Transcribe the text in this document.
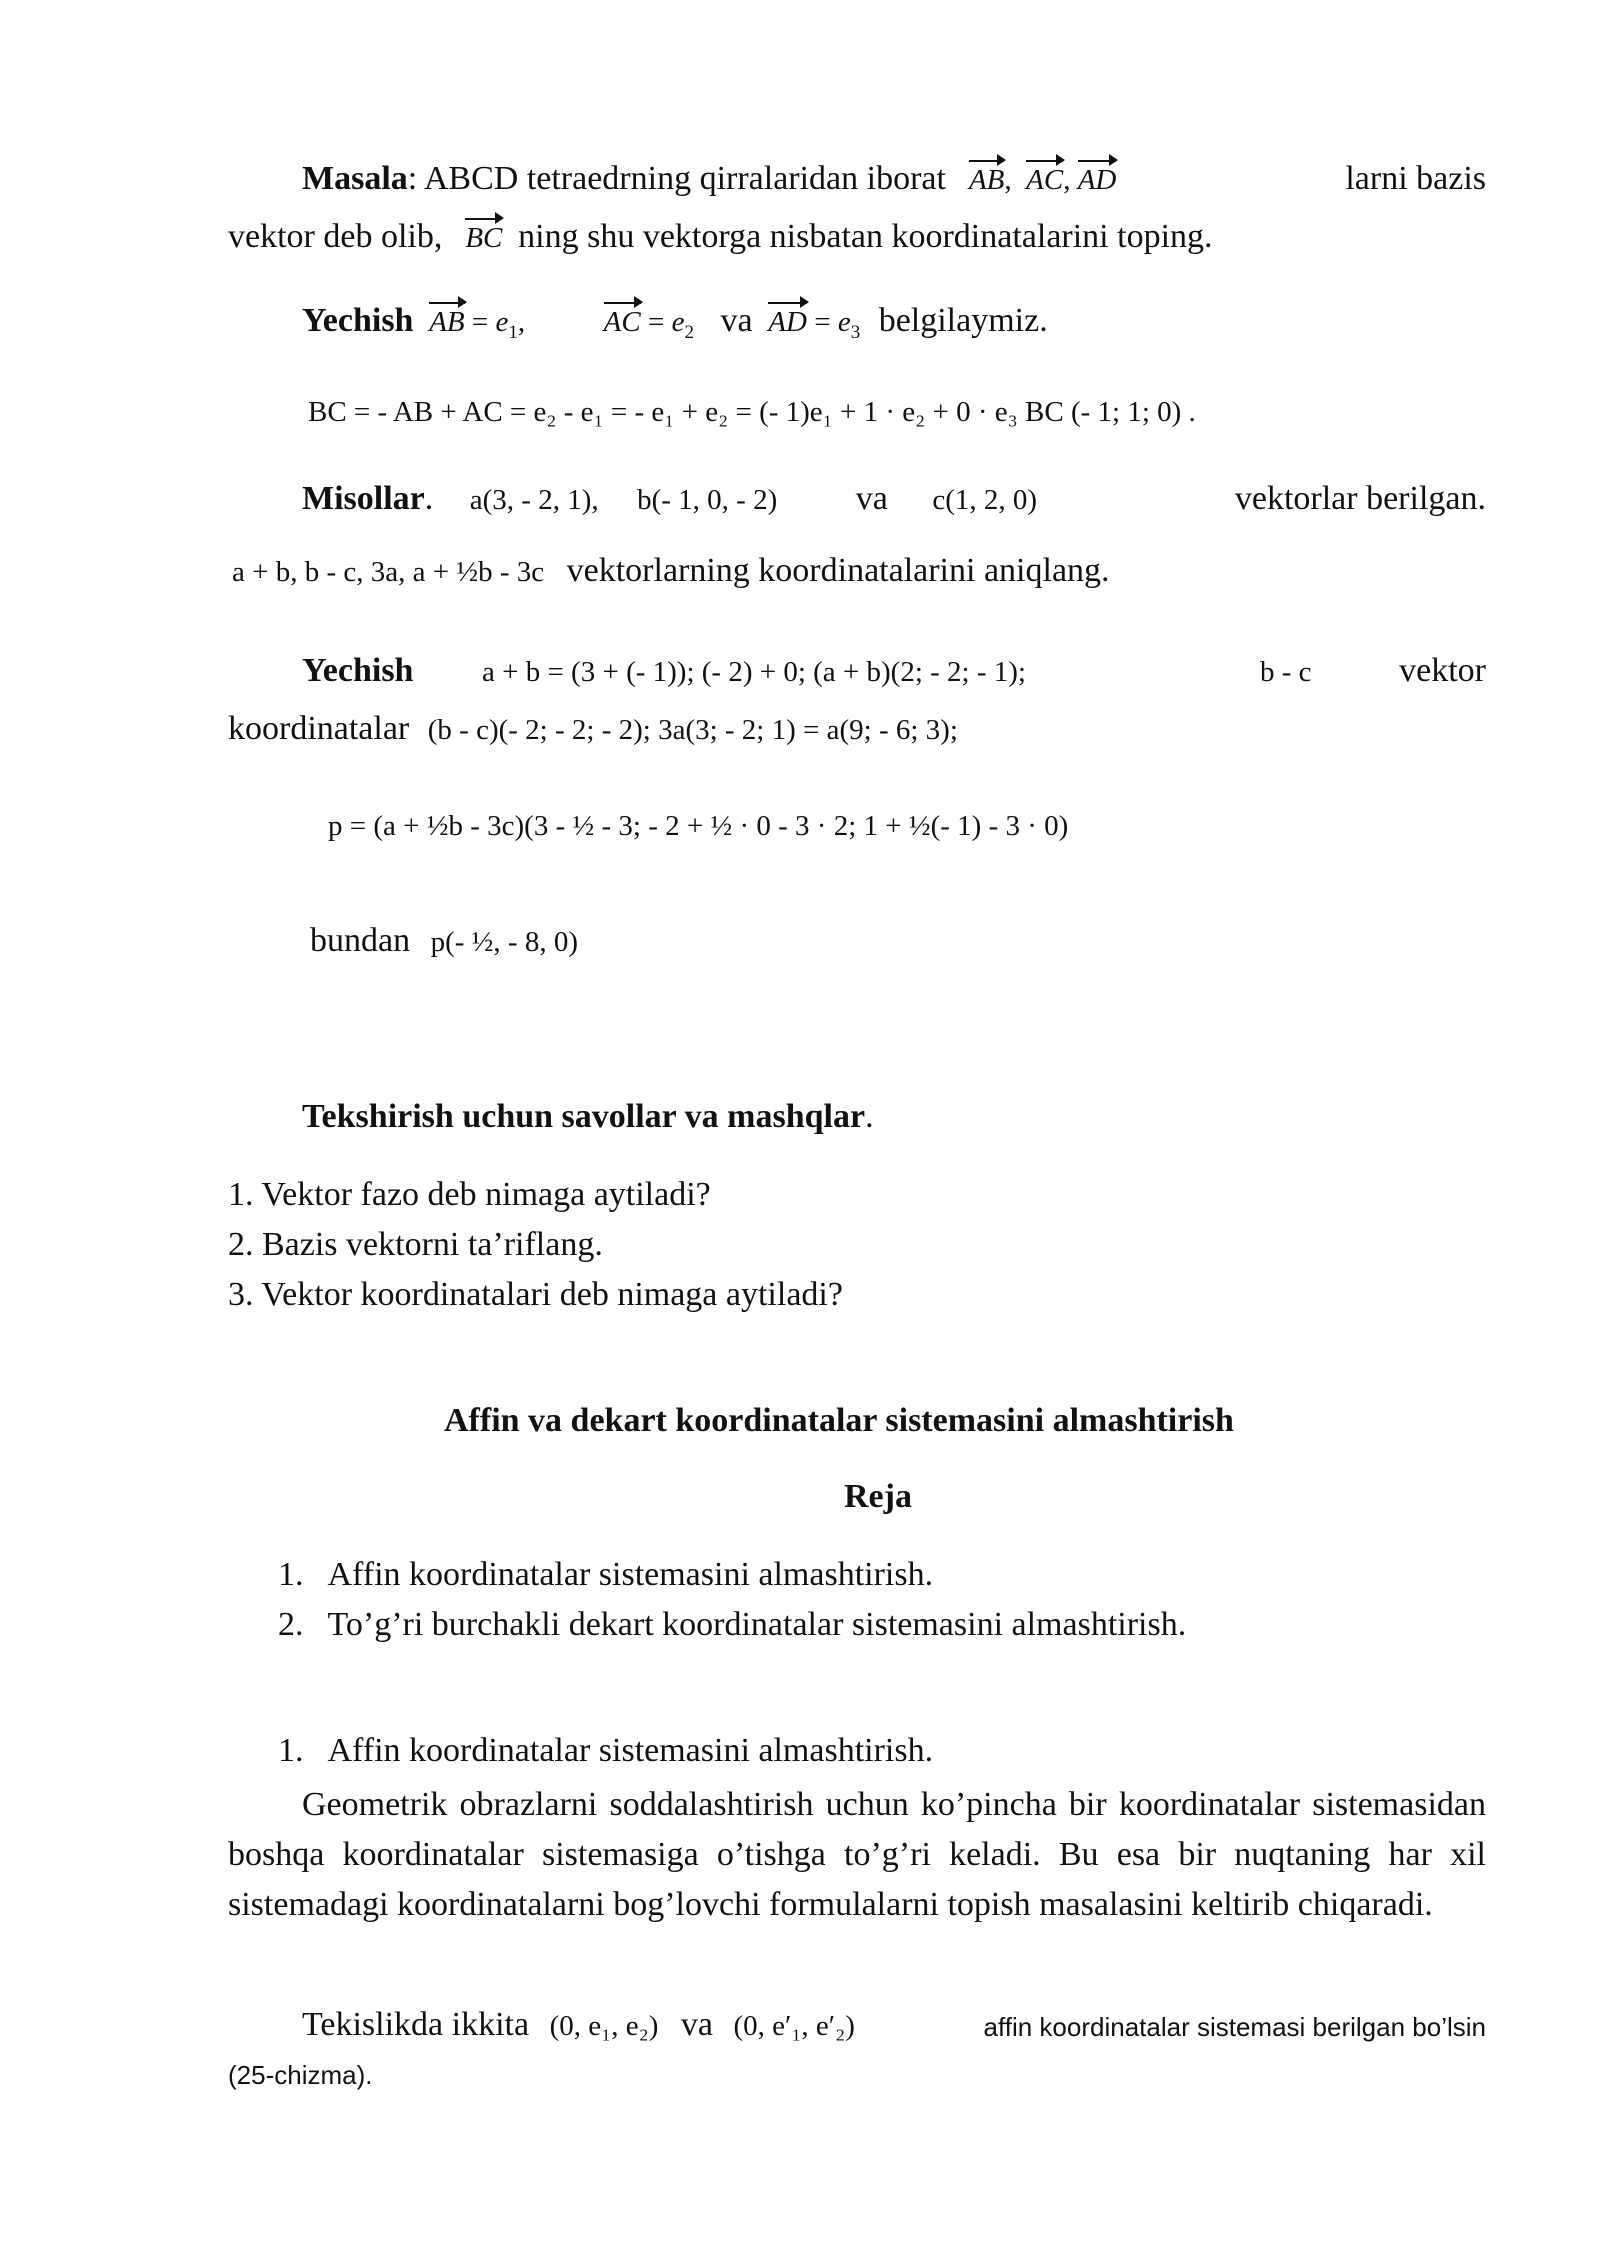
Masala: ABCD tetraedrning qirralaridan iborat AB,  AC, AD	larni bazis
vektor deb olib, BC ning shu vektorga nisbatan koordinatalarini toping.
Yechish AB = $e_1$,	AC = $e_2$ va AD = $e_3$ belgilaymiz.
BC = - AB + AC = e₂ - e₁ = - e₁ + e₂ = (- 1)e₁ + 1 · e₂ + 0 · e₃ BC (- 1; 1; 0) .
Misollar. a(3, - 2, 1), b(- 1, 0, - 2) va c(1, 2, 0)	vektorlar berilgan.
a + b, b - c, 3a, a + ½b - 3c vektorlarning koordinatalarini aniqlang.
Yechish a + b = (3 + (- 1)); (- 2) + 0; (a + b)(2; - 2; - 1);	b - c	vektor
koordinatalar (b - c)(- 2; - 2; - 2); 3a(3; - 2; 1) = a(9; - 6; 3);
p = (a + ½b - 3c)(3 - ½ - 3; - 2 + ½ · 0 - 3 · 2; 1 + ½(- 1) - 3 · 0)
bundan p(- ½, - 8, 0)
Tekshirish uchun savollar va mashqlar.
1. Vektor fazo deb nimaga aytiladi?
2. Bazis vektorni ta’riflang.
3. Vektor koordinatalari deb nimaga aytiladi?
Affin va dekart koordinatalar sistemasini almashtirish
Reja
1. Affin koordinatalar sistemasini almashtirish.
2. To’g’ri burchakli dekart koordinatalar sistemasini almashtirish.
1. Affin koordinatalar sistemasini almashtirish.
Geometrik obrazlarni soddalashtirish uchun ko’pincha bir koordinatalar sistemasidan boshqa koordinatalar sistemasiga o’tishga to’g’ri keladi. Bu esa bir nuqtaning har xil sistemadagi koordinatalarni bog’lovchi formulalarni topish masalasini keltirib chiqaradi.
Tekislikda ikkita (0, e₁, e₂) va (0, e′₁, e′₂)	affin koordinatalar sistemasi berilgan bo’lsin
(25-chizma).
